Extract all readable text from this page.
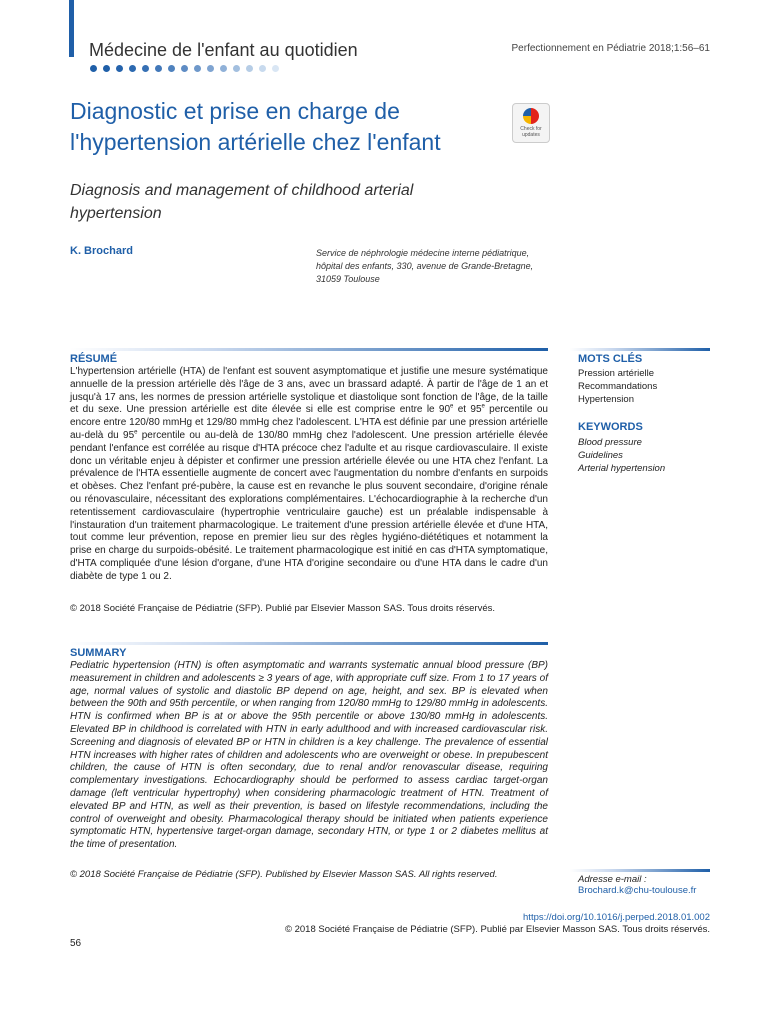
Médecine de l'enfant au quotidien	Perfectionnement en Pédiatrie 2018;1:56–61
Diagnostic et prise en charge de l'hypertension artérielle chez l'enfant	Check for updates
Diagnosis and management of childhood arterial hypertension
K. Brochard	Service de néphrologie médecine interne pédiatrique, hôpital des enfants, 330, avenue de Grande-Bretagne, 31059 Toulouse
RÉSUMÉ
L'hypertension artérielle (HTA) de l'enfant est souvent asymptomatique et justifie une mesure systématique annuelle de la pression artérielle dès l'âge de 3 ans, avec un brassard adapté. À partir de l'âge de 1 an et jusqu'à 17 ans, les normes de pression artérielle systolique et diastolique sont fonction de l'âge, de la taille et du sexe. Une pression artérielle est dite élevée si elle est comprise entre le 90e et 95e percentile ou encore entre 120/80 mmHg et 129/80 mmHg chez l'adolescent. L'HTA est définie par une pression artérielle au-delà du 95e percentile ou au-delà de 130/80 mmHg chez l'adolescent. Une pression artérielle élevée pendant l'enfance est corrélée au risque d'HTA précoce chez l'adulte et au risque cardiovasculaire. Il existe donc un véritable enjeu à dépister et confirmer une pression artérielle élevée ou une HTA chez l'enfant. La prévalence de l'HTA essentielle augmente de concert avec l'augmentation du nombre d'enfants en surpoids et obèses. Chez l'enfant pré-pubère, la cause est en revanche le plus souvent secondaire, d'origine rénale ou rénovasculaire, nécessitant des explorations complémentaires. L'échocardiographie à la recherche d'un retentissement cardiovasculaire (hypertrophie ventriculaire gauche) est un préalable indispensable à l'instauration d'un traitement pharmacologique. Le traitement d'une pression artérielle élevée et d'une HTA, tout comme leur prévention, repose en premier lieu sur des règles hygiéno-diététiques et notamment la prise en charge du surpoids-obésité. Le traitement pharmacologique est initié en cas d'HTA symptomatique, d'HTA compliquée d'une lésion d'organe, d'une HTA d'origine secondaire ou d'une HTA dans le cadre d'un diabète de type 1 ou 2.
© 2018 Société Française de Pédiatrie (SFP). Publié par Elsevier Masson SAS. Tous droits réservés.
SUMMARY
Pediatric hypertension (HTN) is often asymptomatic and warrants systematic annual blood pressure (BP) measurement in children and adolescents ≥ 3 years of age, with appropriate cuff size. From 1 to 17 years of age, normal values of systolic and diastolic BP depend on age, height, and sex. BP is elevated when between the 90th and 95th percentile, or when ranging from 120/80 mmHg to 129/80 mmHg in adolescents. HTN is confirmed when BP is at or above the 95th percentile or above 130/80 mmHg in adolescents. Elevated BP in childhood is correlated with HTN in early adulthood and with increased cardiovascular risk. Screening and diagnosis of elevated BP or HTN in children is a key challenge. The prevalence of essential HTN increases with higher rates of children and adolescents who are overweight or obese. In prepubescent children, the cause of HTN is often secondary, due to renal and/or renovascular disease, requiring complementary investigations. Echocardiography should be performed to assess cardiac target-organ damage (left ventricular hypertrophy) when considering pharmacologic treatment of HTN. Treatment of elevated BP and HTN, as well as their prevention, is based on lifestyle recommendations, including the control of overweight and obesity. Pharmacological therapy should be initiated when patients experience symptomatic HTN, hypertensive target-organ damage, secondary HTN, or type 1 or 2 diabetes mellitus at the time of presentation.
© 2018 Société Française de Pédiatrie (SFP). Published by Elsevier Masson SAS. All rights reserved.
MOTS CLÉS
Pression artérielle
Recommandations
Hypertension
KEYWORDS
Blood pressure
Guidelines
Arterial hypertension
Adresse e-mail :
Brochard.k@chu-toulouse.fr
https://doi.org/10.1016/j.perped.2018.01.002
© 2018 Société Française de Pédiatrie (SFP). Publié par Elsevier Masson SAS. Tous droits réservés.
56
